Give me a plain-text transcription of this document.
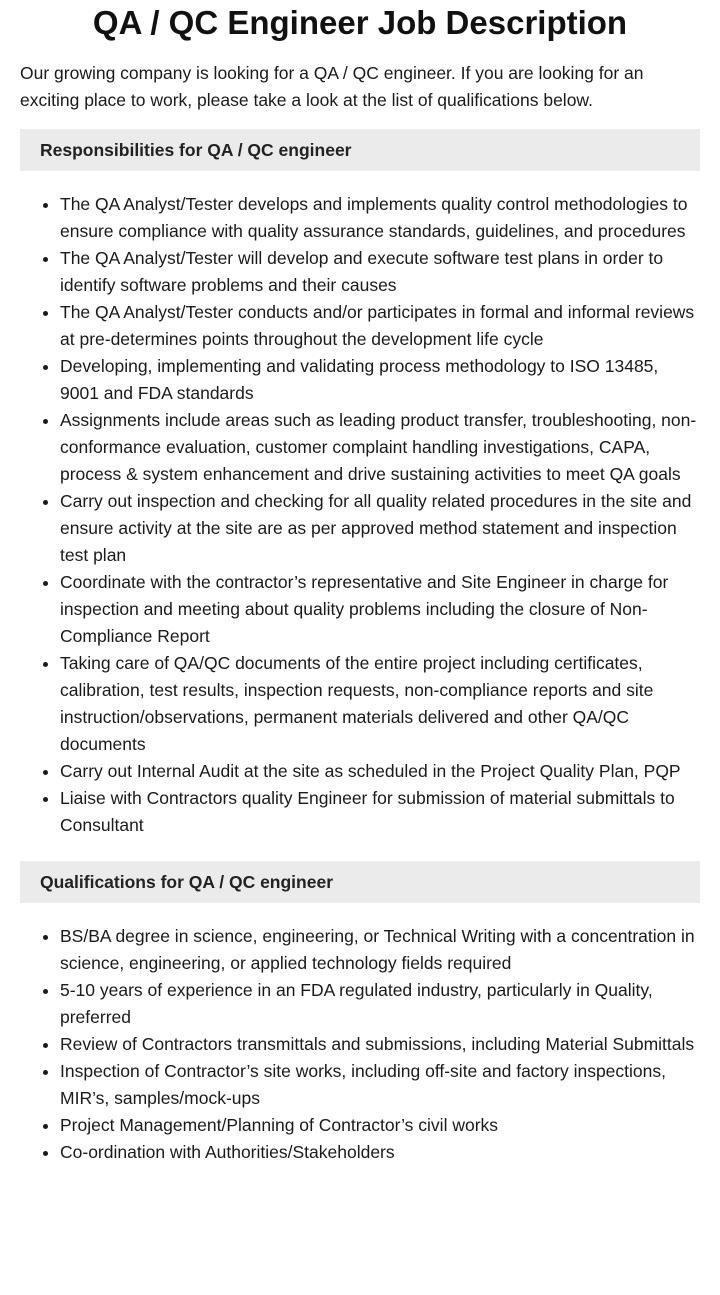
QA / QC Engineer Job Description

Our growing company is looking for a QA / QC engineer. If you are looking for an exciting place to work, please take a look at the list of qualifications below.

Responsibilities for QA / QC engineer
• The QA Analyst/Tester develops and implements quality control methodologies to ensure compliance with quality assurance standards, guidelines, and procedures
• The QA Analyst/Tester will develop and execute software test plans in order to identify software problems and their causes
• The QA Analyst/Tester conducts and/or participates in formal and informal reviews at pre-determines points throughout the development life cycle
• Developing, implementing and validating process methodology to ISO 13485, 9001 and FDA standards
• Assignments include areas such as leading product transfer, troubleshooting, non-conformance evaluation, customer complaint handling investigations, CAPA, process & system enhancement and drive sustaining activities to meet QA goals
• Carry out inspection and checking for all quality related procedures in the site and ensure activity at the site are as per approved method statement and inspection test plan
• Coordinate with the contractor’s representative and Site Engineer in charge for inspection and meeting about quality problems including the closure of Non-Compliance Report
• Taking care of QA/QC documents of the entire project including certificates, calibration, test results, inspection requests, non-compliance reports and site instruction/observations, permanent materials delivered and other QA/QC documents
• Carry out Internal Audit at the site as scheduled in the Project Quality Plan, PQP
• Liaise with Contractors quality Engineer for submission of material submittals to Consultant
Qualifications for QA / QC engineer
• BS/BA degree in science, engineering, or Technical Writing with a concentration in science, engineering, or applied technology fields required
• 5-10 years of experience in an FDA regulated industry, particularly in Quality, preferred
• Review of Contractors transmittals and submissions, including Material Submittals
• Inspection of Contractor’s site works, including off-site and factory inspections, MIR’s, samples/mock-ups
• Project Management/Planning of Contractor’s civil works
• Co-ordination with Authorities/Stakeholders
